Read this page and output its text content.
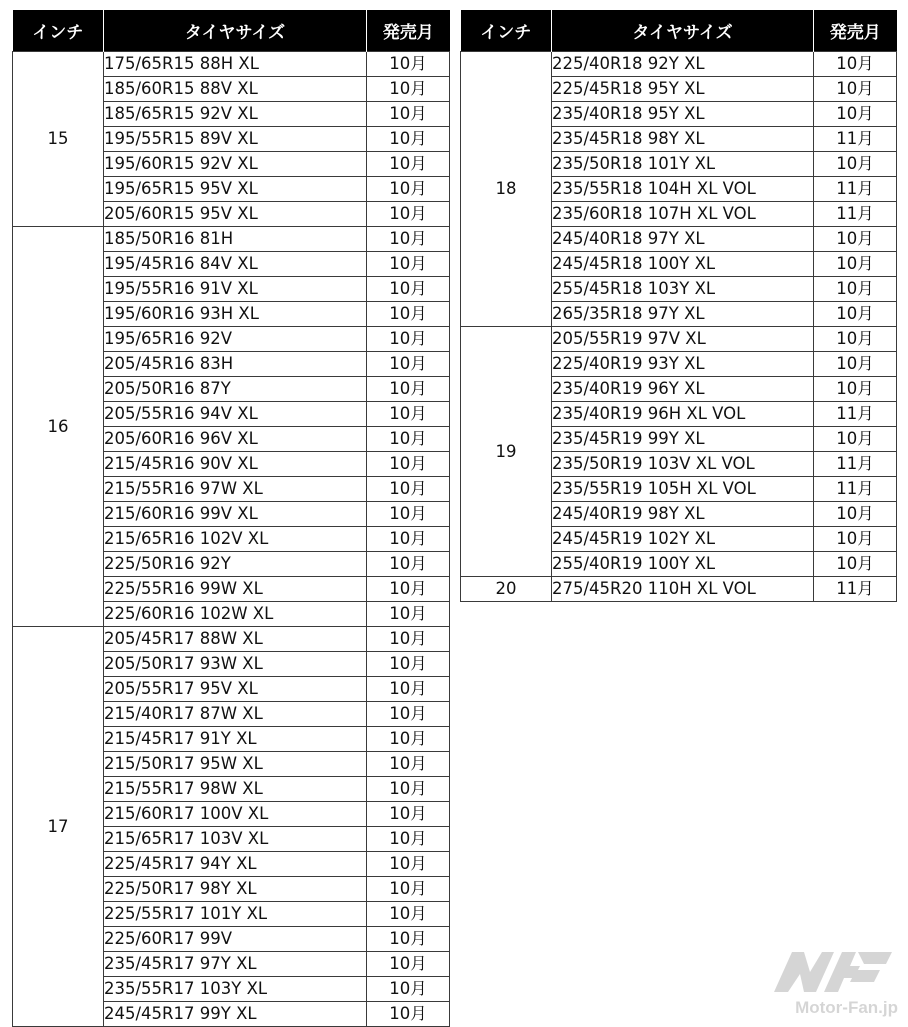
インチ	タイヤサイズ	発売月
15	175/65R15 88H XL	10月
	185/60R15 88V XL	10月
	185/65R15 92V XL	10月
	195/55R15 89V XL	10月
	195/60R15 92V XL	10月
	195/65R15 95V XL	10月
	205/60R15 95V XL	10月
16	185/50R16 81H	10月
	195/45R16 84V XL	10月
	195/55R16 91V XL	10月
	195/60R16 93H XL	10月
	195/65R16 92V	10月
	205/45R16 83H	10月
	205/50R16 87Y	10月
	205/55R16 94V XL	10月
	205/60R16 96V XL	10月
	215/45R16 90V XL	10月
	215/55R16 97W XL	10月
	215/60R16 99V XL	10月
	215/65R16 102V XL	10月
	225/50R16 92Y	10月
	225/55R16 99W XL	10月
	225/60R16 102W XL	10月
17	205/45R17 88W XL	10月
	205/50R17 93W XL	10月
	205/55R17 95V XL	10月
	215/40R17 87W XL	10月
	215/45R17 91Y XL	10月
	215/50R17 95W XL	10月
	215/55R17 98W XL	10月
	215/60R17 100V XL	10月
	215/65R17 103V XL	10月
	225/45R17 94Y XL	10月
	225/50R17 98Y XL	10月
	225/55R17 101Y XL	10月
	225/60R17 99V	10月
	235/45R17 97Y XL	10月
	235/55R17 103Y XL	10月
	245/45R17 99Y XL	10月
インチ	タイヤサイズ	発売月
18	225/40R18 92Y XL	10月
	225/45R18 95Y XL	10月
	235/40R18 95Y XL	10月
	235/45R18 98Y XL	11月
	235/50R18 101Y XL	10月
	235/55R18 104H XL VOL	11月
	235/60R18 107H XL VOL	11月
	245/40R18 97Y XL	10月
	245/45R18 100Y XL	10月
	255/45R18 103Y XL	10月
	265/35R18 97Y XL	10月
19	205/55R19 97V XL	10月
	225/40R19 93Y XL	10月
	235/40R19 96Y XL	10月
	235/40R19 96H XL VOL	11月
	235/45R19 99Y XL	10月
	235/50R19 103V XL VOL	11月
	235/55R19 105H XL VOL	11月
	245/40R19 98Y XL	10月
	245/45R19 102Y XL	10月
	255/40R19 100Y XL	10月
20	275/45R20 110H XL VOL	11月
Motor-Fan.jp
